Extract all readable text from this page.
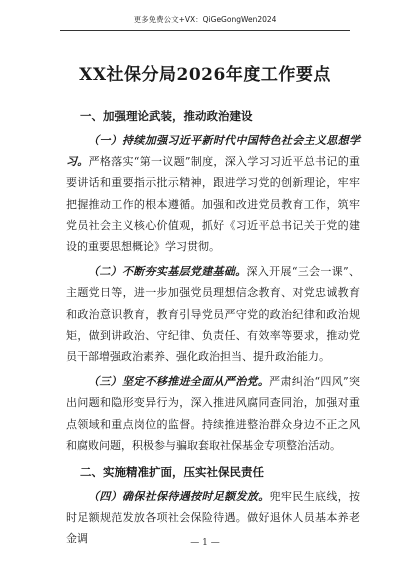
更多免费公文+VX：QiGeGongWen2024
XX社保分局2026年度工作要点
一、加强理论武装，推动政治建设

（一）持续加强习近平新时代中国特色社会主义思想学习。严格落实“第一议题”制度，深入学习习近平总书记的重要讲话和重要指示批示精神，跟进学习党的创新理论，牢牢把握推动工作的根本遵循。加强和改进党员教育工作，筑牢党员社会主义核心价值观，抓好《习近平总书记关于党的建设的重要思想概论》学习贯彻。

（二）不断夯实基层党建基础。深入开展“三会一课”、主题党日等，进一步加强党员理想信念教育、对党忠诚教育和政治意识教育，教育引导党员严守党的政治纪律和政治规矩，做到讲政治、守纪律、负责任、有效率等要求，推动党员干部增强政治素养、强化政治担当、提升政治能力。

（三）坚定不移推进全面从严治党。严肃纠治“四风”突出问题和隐形变异行为，深入推进风腐同查同治，加强对重点领域和重点岗位的监督。持续推进整治群众身边不正之风和腐败问题，积极参与骗取套取社保基金专项整治活动。

二、实施精准扩面，压实社保民责任

（四）确保社保待遇按时足额发放。兜牢民生底线，按时足额规范发放各项社会保险待遇。做好退休人员基本养老金调	— 1 —
